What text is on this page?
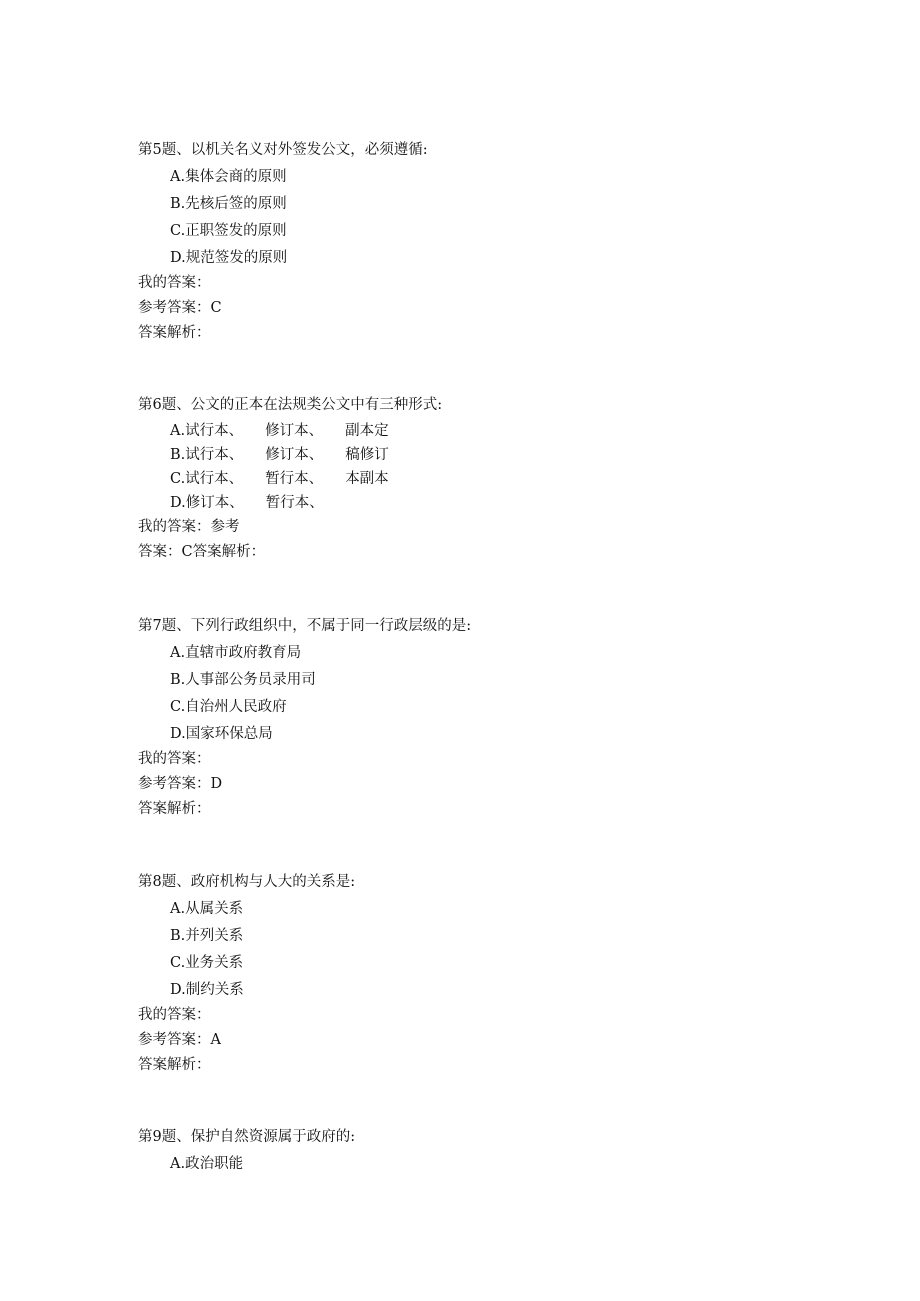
第5题、以机关名义对外签发公文，必须遵循:
A.集体会商的原则
B.先核后签的原则
C.正职签发的原则
D.规范签发的原则
我的答案：
参考答案：C
答案解析：
第6题、公文的正本在法规类公文中有三种形式:
A.试行本、 修订本、 副本定
B.试行本、 修订本、 稿修订
C.试行本、 暂行本、 本副本
D.修订本、 暂行本、
我的答案：参考
答案：C答案解析：
第7题、下列行政组织中，不属于同一行政层级的是:
A.直辖市政府教育局
B.人事部公务员录用司
C.自治州人民政府
D.国家环保总局
我的答案：
参考答案：D
答案解析：
第8题、政府机构与人大的关系是:
A.从属关系
B.并列关系
C.业务关系
D.制约关系
我的答案：
参考答案：A
答案解析：
第9题、保护自然资源属于政府的:
A.政治职能
